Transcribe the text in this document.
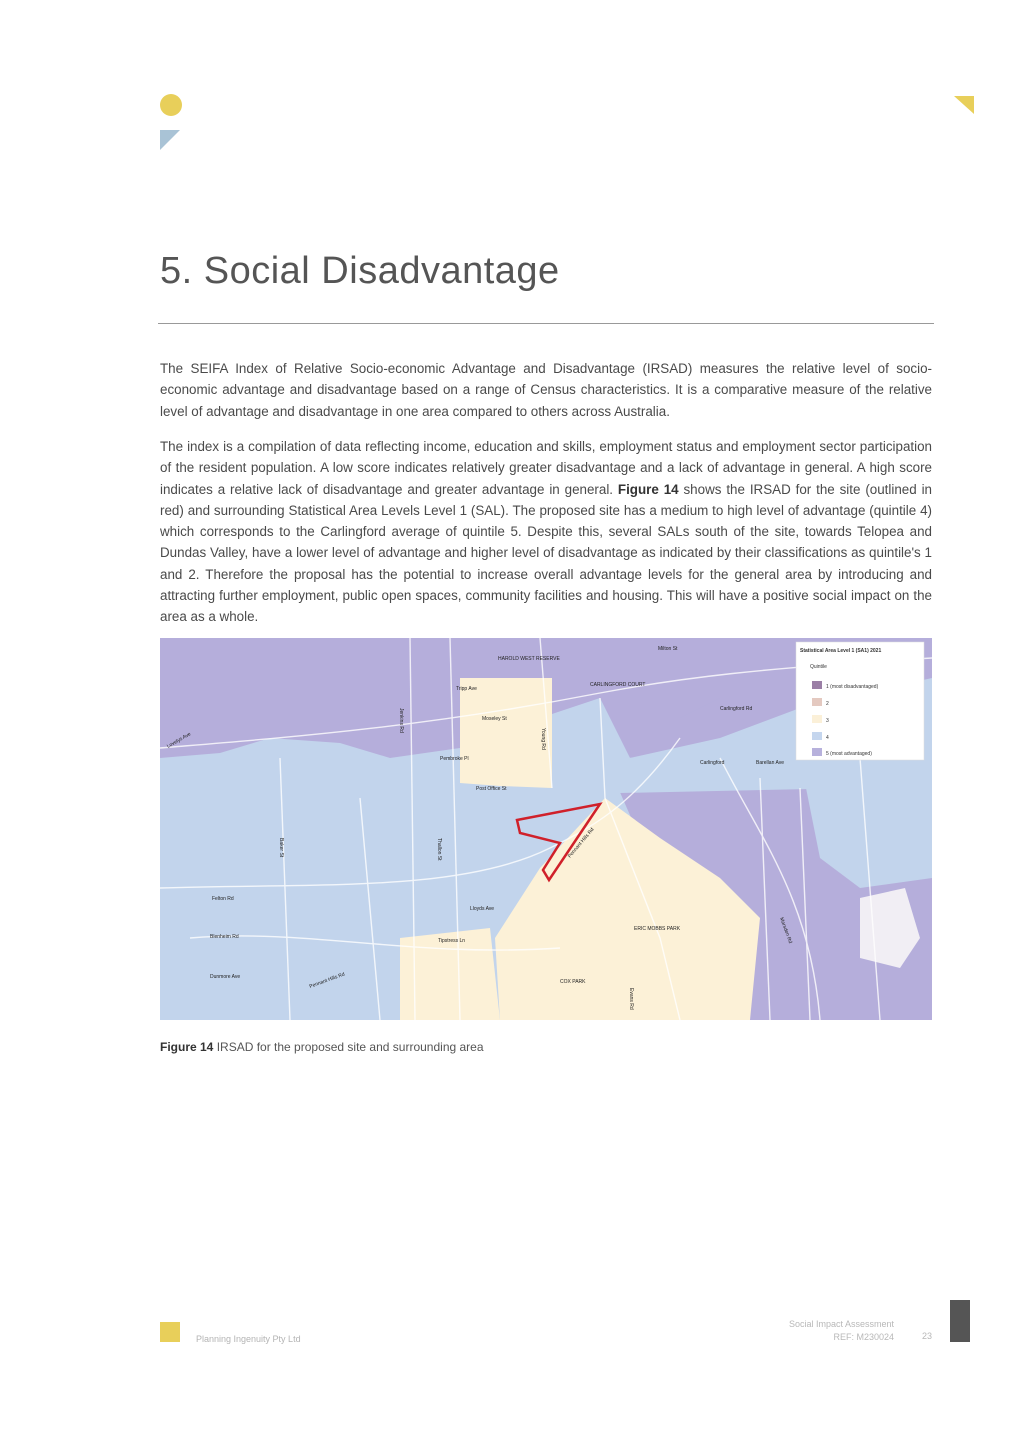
5. Social Disadvantage

The SEIFA Index of Relative Socio-economic Advantage and Disadvantage (IRSAD) measures the relative level of socio-economic advantage and disadvantage based on a range of Census characteristics. It is a comparative measure of the relative level of advantage and disadvantage in one area compared to others across Australia.

The index is a compilation of data reflecting income, education and skills, employment status and employment sector participation of the resident population. A low score indicates relatively greater disadvantage and a lack of advantage in general. A high score indicates a relative lack of disadvantage and greater advantage in general. Figure 14 shows the IRSAD for the site (outlined in red) and surrounding Statistical Area Levels Level 1 (SAL). The proposed site has a medium to high level of advantage (quintile 4) which corresponds to the Carlingford average of quintile 5. Despite this, several SALs south of the site, towards Telopea and Dundas Valley, have a lower level of advantage and higher level of disadvantage as indicated by their classifications as quintile's 1 and 2. Therefore the proposal has the potential to increase overall advantage levels for the general area by introducing and attracting further employment, public open spaces, community facilities and housing. This will have a positive social impact on the area as a whole.

Tripp Ave
HAROLD WEST RESERVE
Moseley St
Jenkins Rd
CARLINGFORD COURT
Milton St
Carlingford Rd
Young Rd
Pembroke Pl
Post Office St
Pennant Hills Rd
Baker St	Thallon St
Lloyds Ave
Felton Rd
Blenheim Rd
Tipstress Ln
ERIC MOBBS PARK
COX PARK
Evans Rd
Marsden Rd
Barellan Ave
Lovelys Ave
Dunmore Ave	Pennant Hills Rd
Carlingford
Statistical Area Level 1 (SA1) 2021
Quintile
1 (most disadvantaged)
2
3
4
5 (most advantaged)
Figure 14 IRSAD for the proposed site and surrounding area
Planning Ingenuity Pty Ltd
Social Impact Assessment
REF: M230024	23
